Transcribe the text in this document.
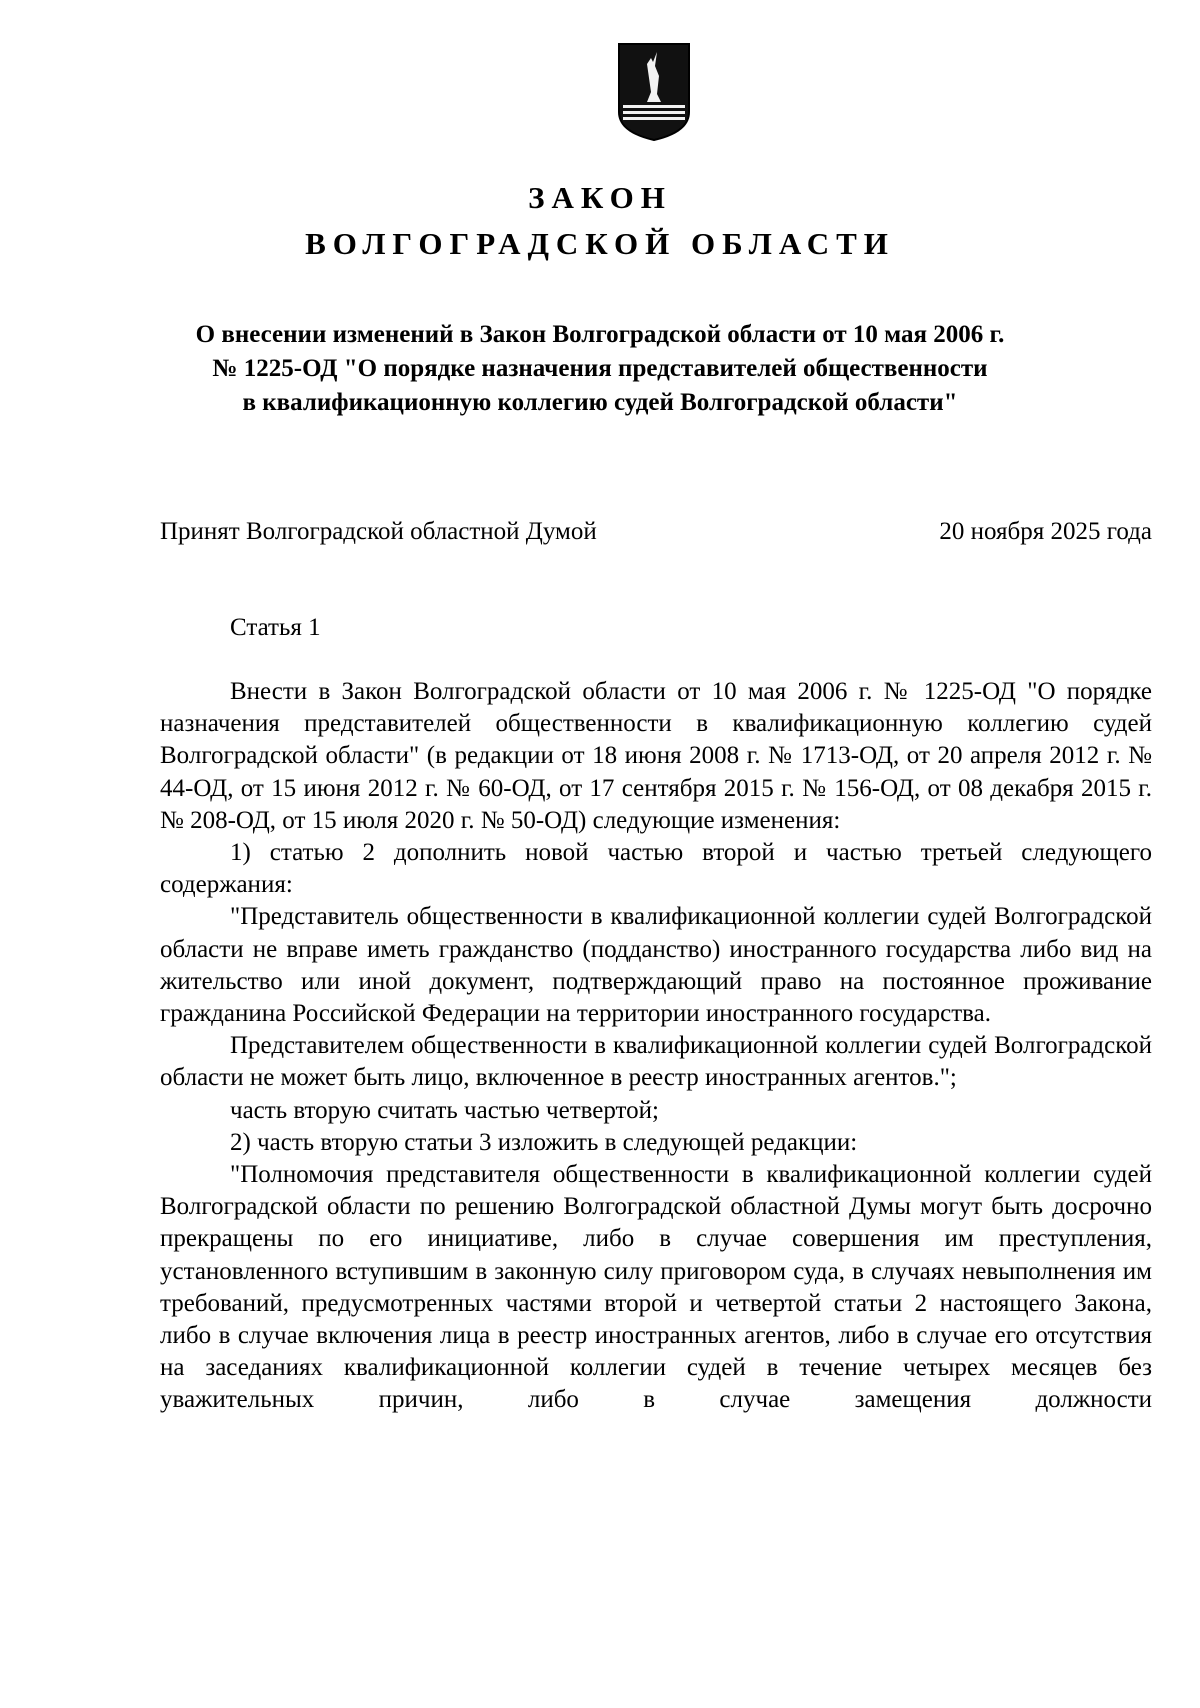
ЗАКОН
ВОЛГОГРАДСКОЙ ОБЛАСТИ
О внесении изменений в Закон Волгоградской области от 10 мая 2006 г.
№ 1225-ОД "О порядке назначения представителей общественности
в квалификационную коллегию судей Волгоградской области"
Принят Волгоградской областной Думой	20 ноября 2025 года
Статья 1
Внести в Закон Волгоградской области от 10 мая 2006 г. № 1225-ОД "О порядке назначения представителей общественности в квалификационную коллегию судей Волгоградской области" (в редакции от 18 июня 2008 г. № 1713-ОД, от 20 апреля 2012 г. № 44-ОД, от 15 июня 2012 г. № 60-ОД, от 17 сентября 2015 г. № 156-ОД, от 08 декабря 2015 г. № 208-ОД, от 15 июля 2020 г. № 50-ОД) следующие изменения:
1) статью 2 дополнить новой частью второй и частью третьей следующего содержания:
"Представитель общественности в квалификационной коллегии судей Волгоградской области не вправе иметь гражданство (подданство) иностранного государства либо вид на жительство или иной документ, подтверждающий право на постоянное проживание гражданина Российской Федерации на территории иностранного государства.
Представителем общественности в квалификационной коллегии судей Волгоградской области не может быть лицо, включенное в реестр иностранных агентов.";
часть вторую считать частью четвертой;
2) часть вторую статьи 3 изложить в следующей редакции:
"Полномочия представителя общественности в квалификационной коллегии судей Волгоградской области по решению Волгоградской областной Думы могут быть досрочно прекращены по его инициативе, либо в случае совершения им преступления, установленного вступившим в законную силу приговором суда, в случаях невыполнения им требований, предусмотренных частями второй и четвертой статьи 2 настоящего Закона, либо в случае включения лица в реестр иностранных агентов, либо в случае его отсутствия на заседаниях квалификационной коллегии судей в течение четырех месяцев без уважительных причин, либо в случае замещения должности
